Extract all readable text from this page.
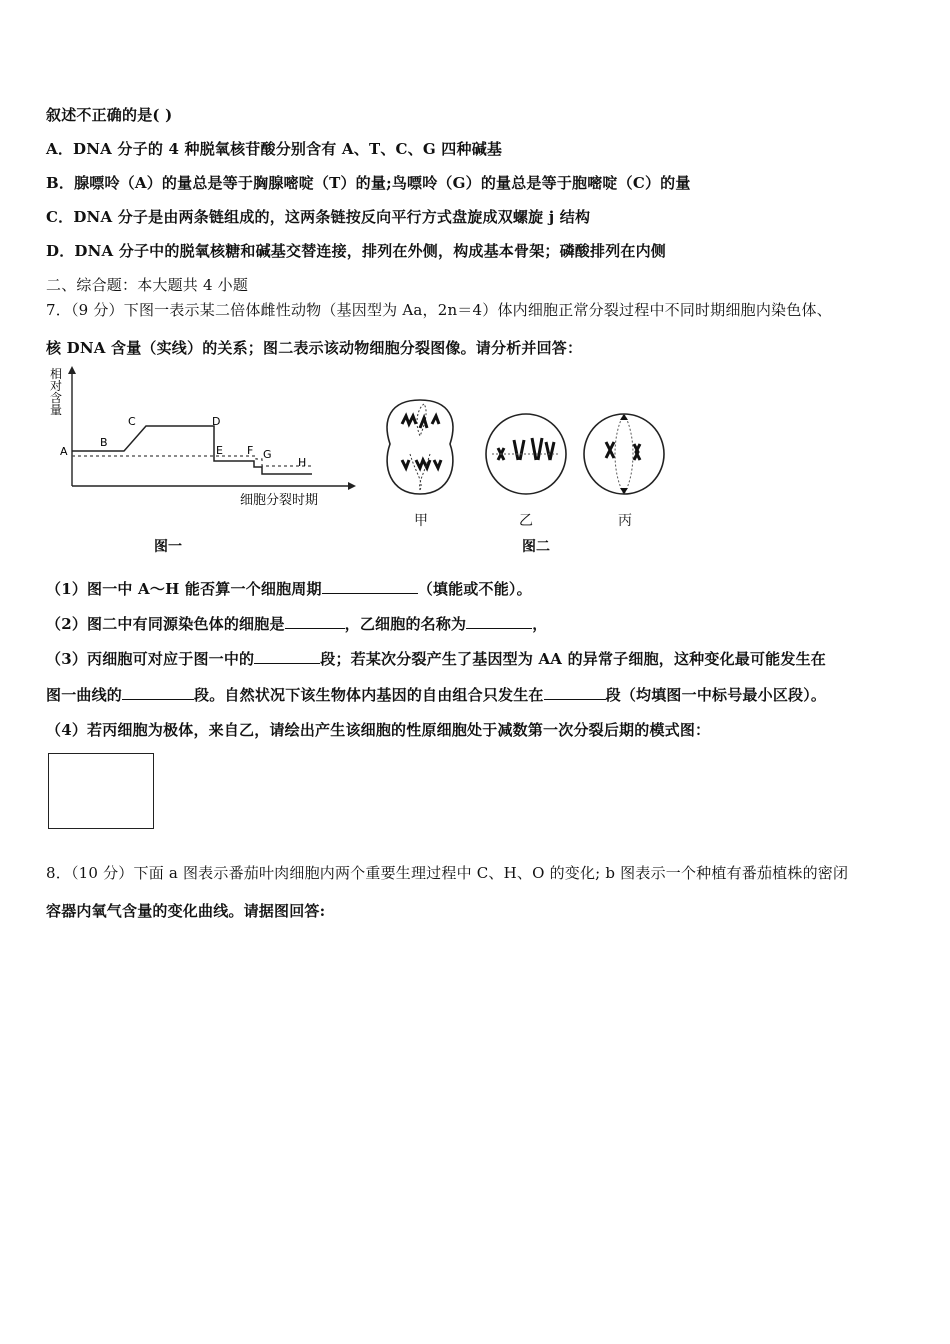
叙述不正确的是( )
A．DNA 分子的 4 种脱氧核苷酸分别含有 A、T、C、G 四种碱基
B．腺嘌呤（A）的量总是等于胸腺嘧啶（T）的量;鸟嘌呤（G）的量总是等于胞嘧啶（C）的量
C．DNA 分子是由两条链组成的，这两条链按反向平行方式盘旋成双螺旋 j 结构
D．DNA 分子中的脱氧核糖和碱基交替连接，排列在外侧，构成基本骨架；磷酸排列在内侧
二、综合题：本大题共 4 小题
7．（9 分）下图一表示某二倍体雌性动物（基因型为 Aa，2n＝4）体内细胞正常分裂过程中不同时期细胞内染色体、
核 DNA 含量（实线）的关系；图二表示该动物细胞分裂图像。请分析并回答：
相
对
含
量
A
B
C	D
E F G
H
细胞分裂时期
图一
甲	乙	丙
图二
（1）图一中 A～H 能否算一个细胞周期	（填能或不能）。
（2）图二中有同源染色体的细胞是	，乙细胞的名称为	，
（3）丙细胞可对应于图一中的	段；若某次分裂产生了基因型为 AA 的异常子细胞，这种变化最可能发生在
图一曲线的	段。自然状况下该生物体内基因的自由组合只发生在	段（均填图一中标号最小区段）。
（4）若丙细胞为极体，来自乙，请绘出产生该细胞的性原细胞处于减数第一次分裂后期的模式图：
8．（10 分）下面 a 图表示番茄叶肉细胞内两个重要生理过程中 C、H、O 的变化; b 图表示一个种植有番茄植株的密闭
容器内氧气含量的变化曲线。请据图回答:
